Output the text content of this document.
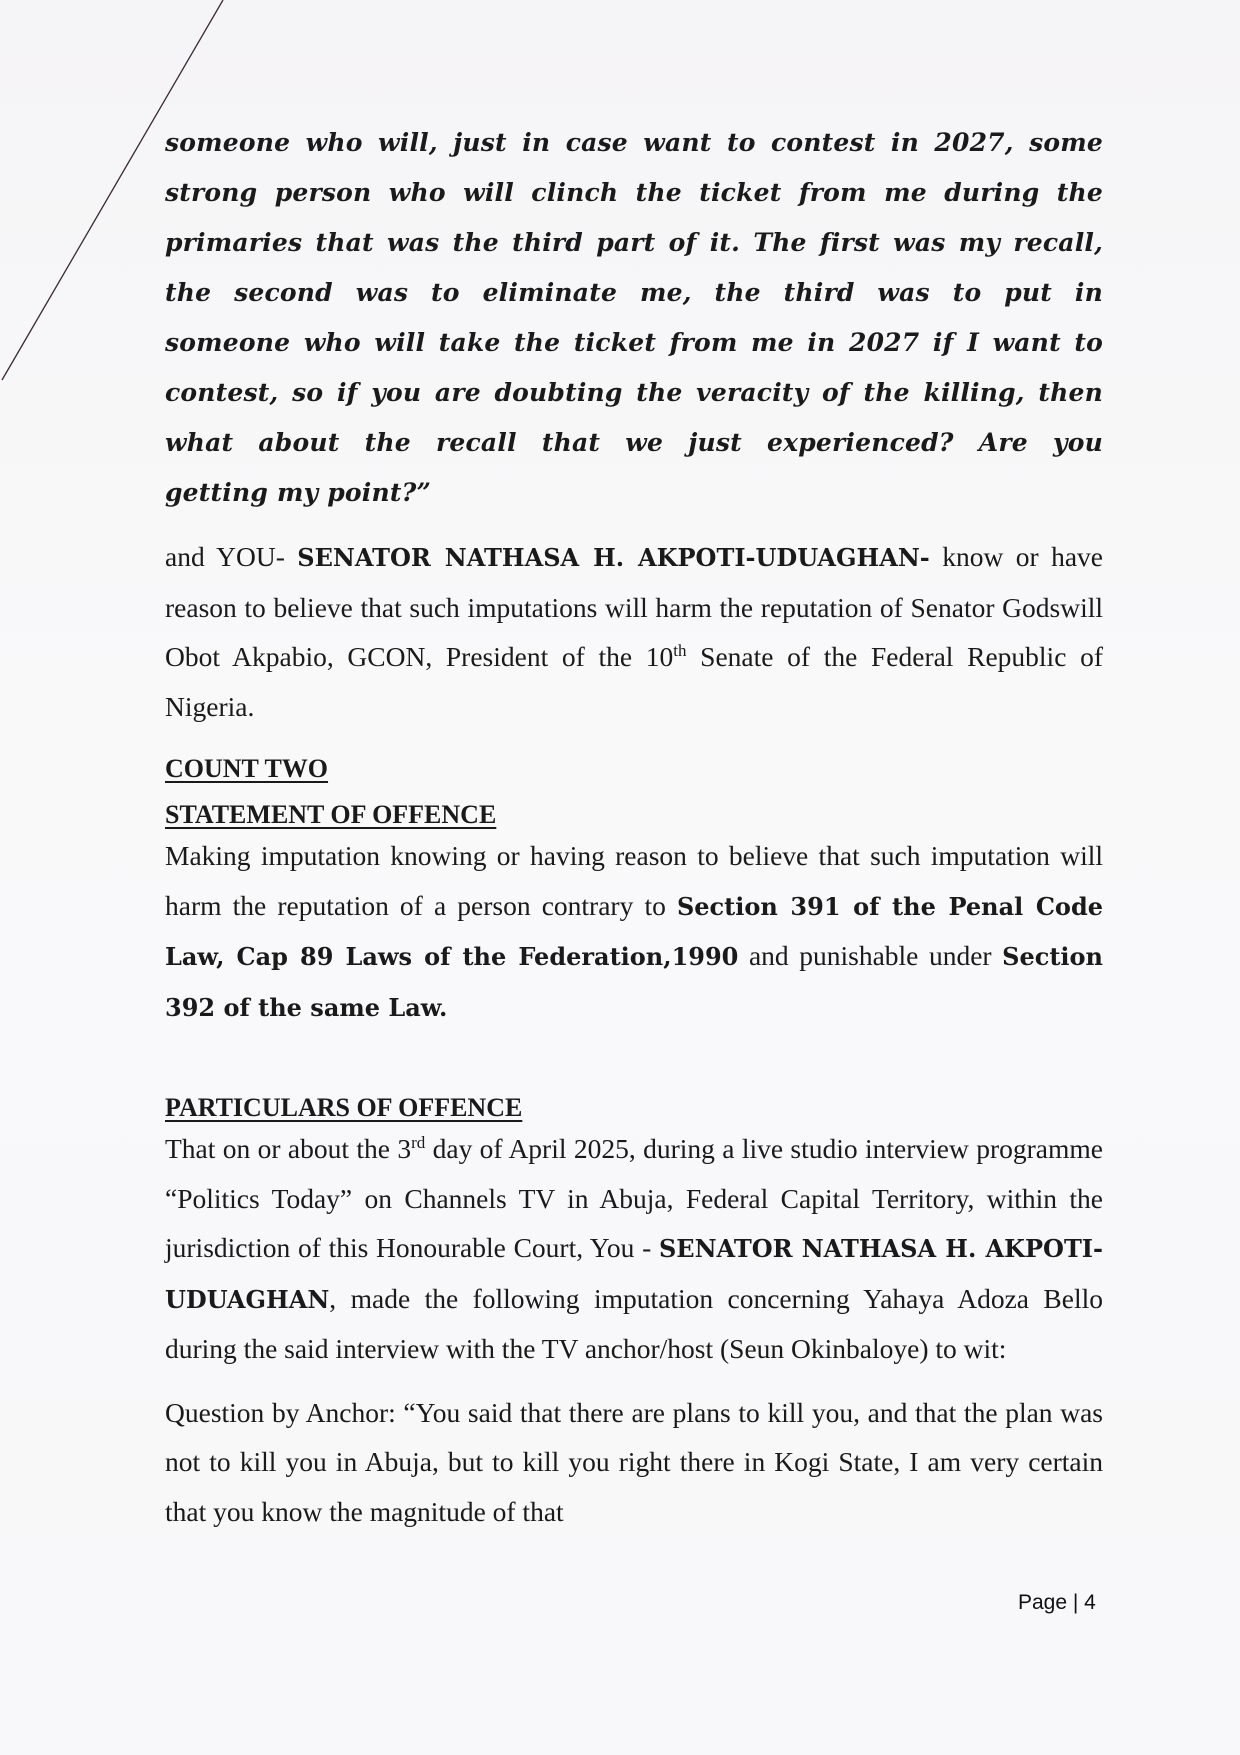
someone who will, just in case want to contest in 2027, some
strong person who will clinch the ticket from me during the
primaries that was the third part of it. The first was my recall,
the second was to eliminate me, the third was to put in
someone who will take the ticket from me in 2027 if I want to
contest, so if you are doubting the veracity of the killing, then
what about the recall that we just experienced? Are you
getting my point?”

and YOU- SENATOR NATHASA H. AKPOTI-UDUAGHAN- know or have reason to believe that such imputations will harm the reputation of Senator Godswill Obot Akpabio, GCON, President of the 10th Senate of the Federal Republic of Nigeria.

COUNT TWO

STATEMENT OF OFFENCE

Making imputation knowing or having reason to believe that such imputation will harm the reputation of a person contrary to Section 391 of the Penal Code Law, Cap 89 Laws of the Federation,1990 and punishable under Section 392 of the same Law.

PARTICULARS OF OFFENCE

That on or about the 3rd day of April 2025, during a live studio interview programme “Politics Today” on Channels TV in Abuja, Federal Capital Territory, within the jurisdiction of this Honourable Court, You - SENATOR NATHASA H. AKPOTI-UDUAGHAN, made the following imputation concerning Yahaya Adoza Bello during the said interview with the TV anchor/host (Seun Okinbaloye) to wit:

Question by Anchor: “You said that there are plans to kill you, and that the plan was not to kill you in Abuja, but to kill you right there in Kogi State, I am very certain that you know the magnitude of that

Page | 4
